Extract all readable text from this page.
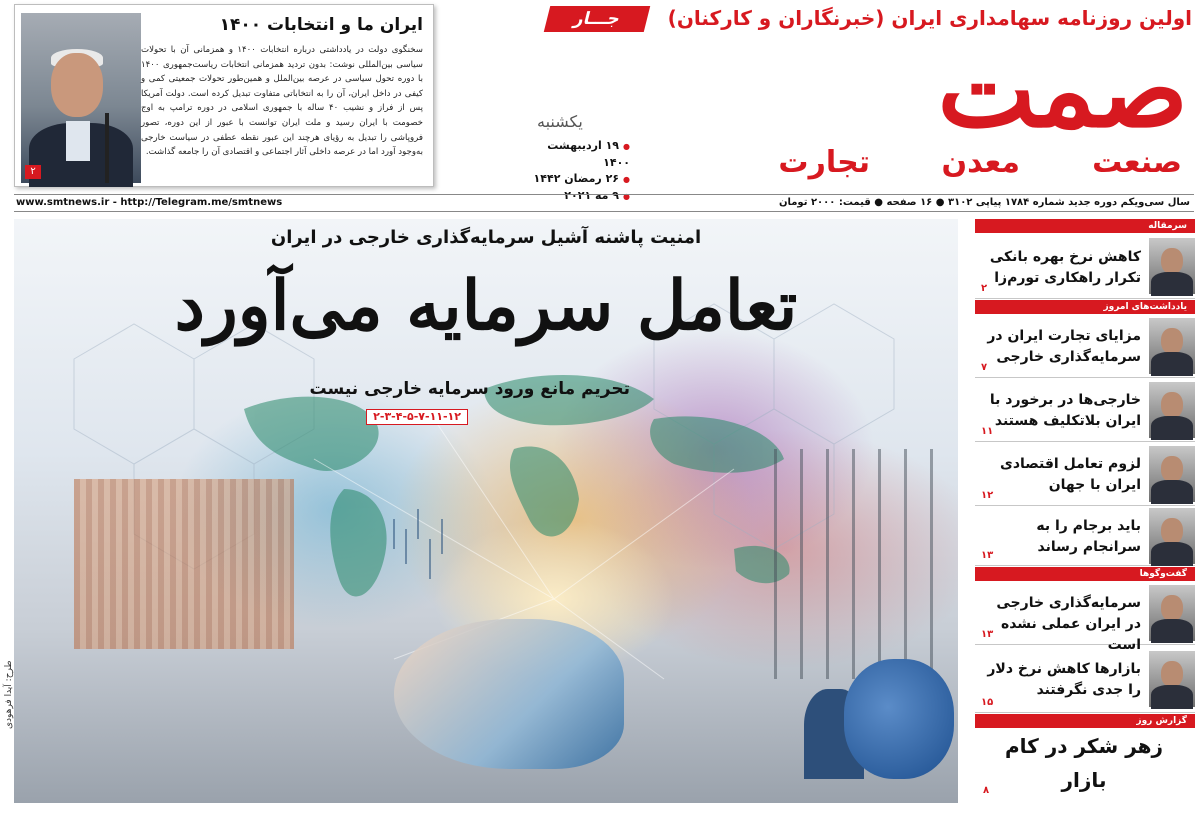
۲
ایران ما و انتخابات ۱۴۰۰
سخنگوی دولت در یادداشتی درباره انتخابات ۱۴۰۰ و همزمانی آن با تحولات سیاسی بین‌المللی نوشت: بدون تردید همزمانی انتخابات ریاست‌جمهوری ۱۴۰۰ با دوره تحول سیاسی در عرصه بین‌الملل و همین‌طور تحولات جمعیتی کمی و کیفی در داخل ایران، آن را به انتخاباتی متفاوت تبدیل کرده است. دولت آمریکا پس از فراز و نشیب ۴۰ ساله با جمهوری اسلامی در دوره ترامپ به اوج خصومت با ایران رسید و ملت ایران توانست با عبور از این دوره، تصور فروپاشی را تبدیل به رؤیای هرچند این عبور نقطه عطفی در سیاست خارجی به‌وجود آورد اما در عرصه داخلی آثار اجتماعی و اقتصادی آن را جامعه گذاشت.
جـــار	اولین روزنامه سهامداری ایران (خبرنگاران و کارکنان)
صمت
صنعت
معدن
تجارت
یکشنبه
● ۱۹ اردیبهشت ۱۴۰۰
● ۲۶ رمضان ۱۴۴۲
● ۹ مه ۲۰۲۱
www.smtnews.ir - http://Telegram.me/smtnews	سال سی‌ویکم دوره جدید شماره ۱۷۸۴ پیاپی ۳۱۰۲ ● ۱۶ صفحه ● قیمت: ۲۰۰۰ تومان
امنیت پاشنه آشیل سرمایه‌گذاری خارجی در ایران
تعامل سرمایه می‌آورد
تحریم مانع ورود سرمایه خارجی نیست
۲-۳-۴-۵-۷-۱۱-۱۲
طرح: آیدا فرهودی
سرمقاله
کاهش نرخ بهره بانکی تکرار راهکاری تورم‌زا
۲
یادداشت‌های امروز
مزایای تجارت ایران در سرمایه‌گذاری خارجی
۷
خارجی‌ها در برخورد با ایران بلاتکلیف هستند
۱۱
لزوم تعامل اقتصادی ایران با جهان
۱۲
باید برجام را به سرانجام رساند
۱۳
گفت‌وگوها
سرمایه‌گذاری خارجی در ایران عملی نشده است
۱۳
بازارها کاهش نرخ دلار را جدی نگرفتند
۱۵
گزارش روز
زهر شکر در کام بازار
۸
